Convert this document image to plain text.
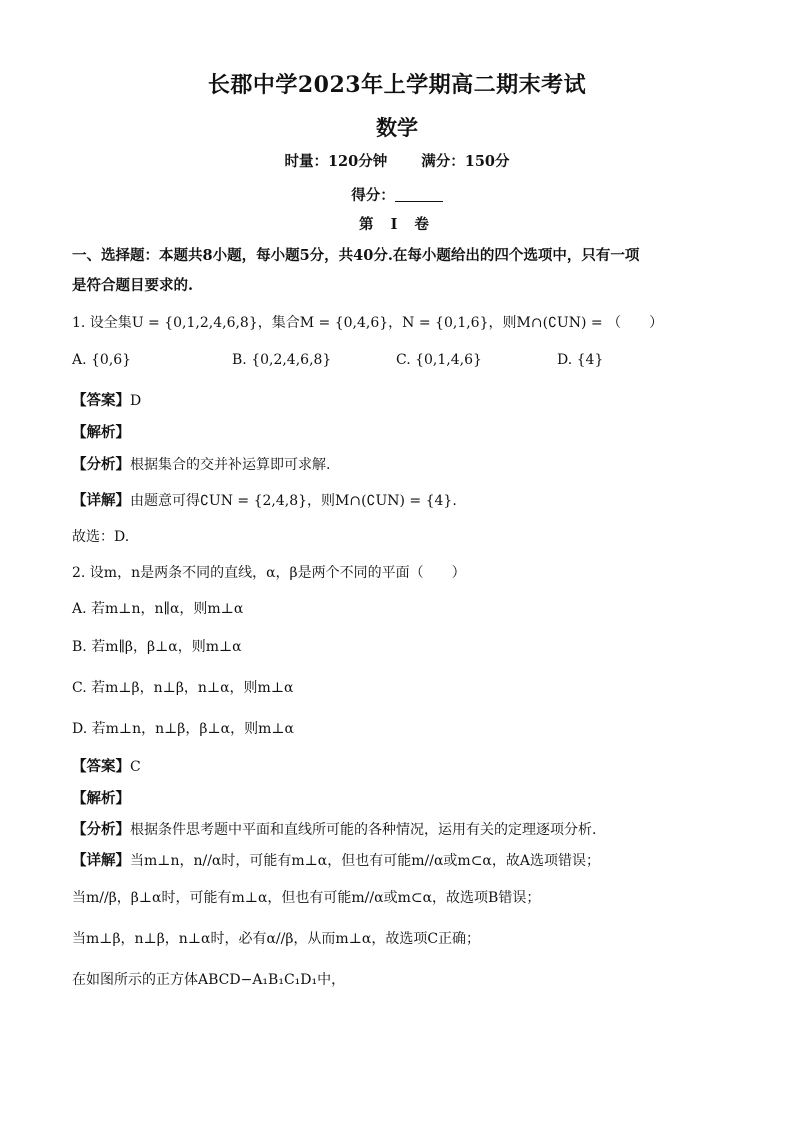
长郡中学2023年上学期高二期末考试
数学
时量：120分钟 满分：150分
得分：
第 Ⅰ 卷
一、选择题：本题共8小题，每小题5分，共40分.在每小题给出的四个选项中，只有一项
是符合题目要求的.
1. 设全集U = {0,1,2,4,6,8}，集合M = {0,4,6}，N = {0,1,6}，则M∩(∁UN) = （　　）
A. {0,6}	B. {0,2,4,6,8}	C. {0,1,4,6}	D. {4}
【答案】D
【解析】
【分析】根据集合的交并补运算即可求解.
【详解】由题意可得∁UN = {2,4,8}，则M∩(∁UN) = {4}.
故选：D.
2. 设m，n是两条不同的直线，α，β是两个不同的平面（　　）
A. 若m⊥n，n∥α，则m⊥α
B. 若m∥β，β⊥α，则m⊥α
C. 若m⊥β，n⊥β，n⊥α，则m⊥α
D. 若m⊥n，n⊥β，β⊥α，则m⊥α
【答案】C
【解析】
【分析】根据条件思考题中平面和直线所可能的各种情况，运用有关的定理逐项分析.
【详解】当m⊥n，n//α时，可能有m⊥α，但也有可能m//α或m⊂α，故A选项错误；
当m//β，β⊥α时，可能有m⊥α，但也有可能m//α或m⊂α，故选项B错误；
当m⊥β，n⊥β，n⊥α时，必有α//β，从而m⊥α，故选项C正确；
在如图所示的正方体ABCD−A₁B₁C₁D₁中，
